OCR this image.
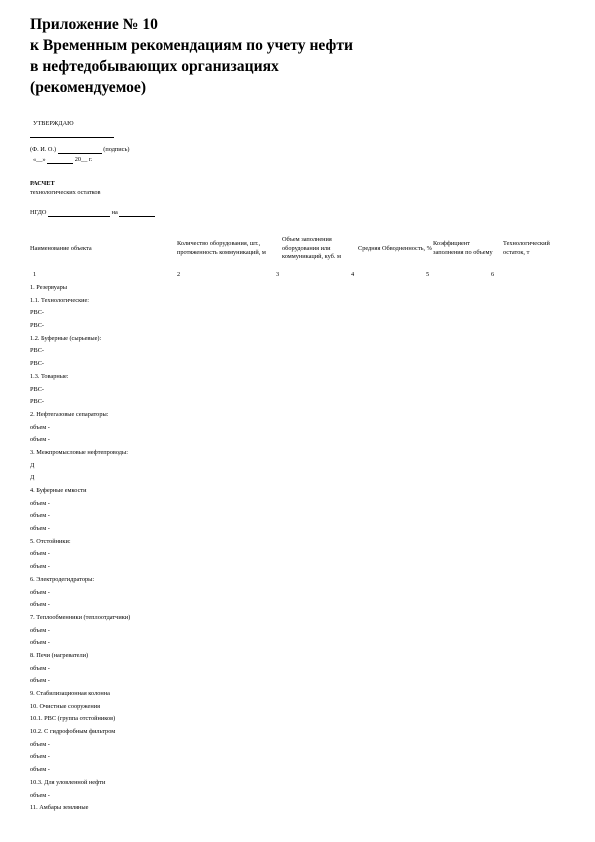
Приложение № 10
к Временным рекомендациям по учету нефти
в нефтедобывающих организациях
(рекомендуемое)
УТВЕРЖДАЮ
(Ф. И. О.)	(подпись)
«__»	20__ г.
РАСЧЕТ
технологических остатков
НГДО	на
Наименование объекта	Количество оборудования, шт., протяженность коммуникаций, м	Объем заполнения оборудования или коммуникаций, куб. м	Средняя Обводненность, %	Коэффициент заполнения по объему	Технологический остаток, т
1	2	3	4	5	6
1. Резервуары
1.1. Технологические:
РВС-
РВС-
1.2. Буферные (сырьевые):
РВС-
РВС-
1.3. Товарные:
РВС-
РВС-
2. Нефтегазовые сепараторы:
объем -
объем -
3. Межпромысловые нефтепроводы:
Д
Д
4. Буферные емкости
объем -
объем -
объем -
5. Отстойники:
объем -
объем -
6. Электродегидраторы:
объем -
объем -
7. Теплообменники (теплоотдатчики)
объем -
объем -
8. Печи (нагреватели)
объем -
объем -
9. Стабилизационная колонна
10. Очистные сооружения
10.1. РВС (группа отстойников)
10.2. С гидрофобным фильтром
объем -
объем -
объем -
10.3. Для уловленной нефти
объем -
11. Амбары земляные
